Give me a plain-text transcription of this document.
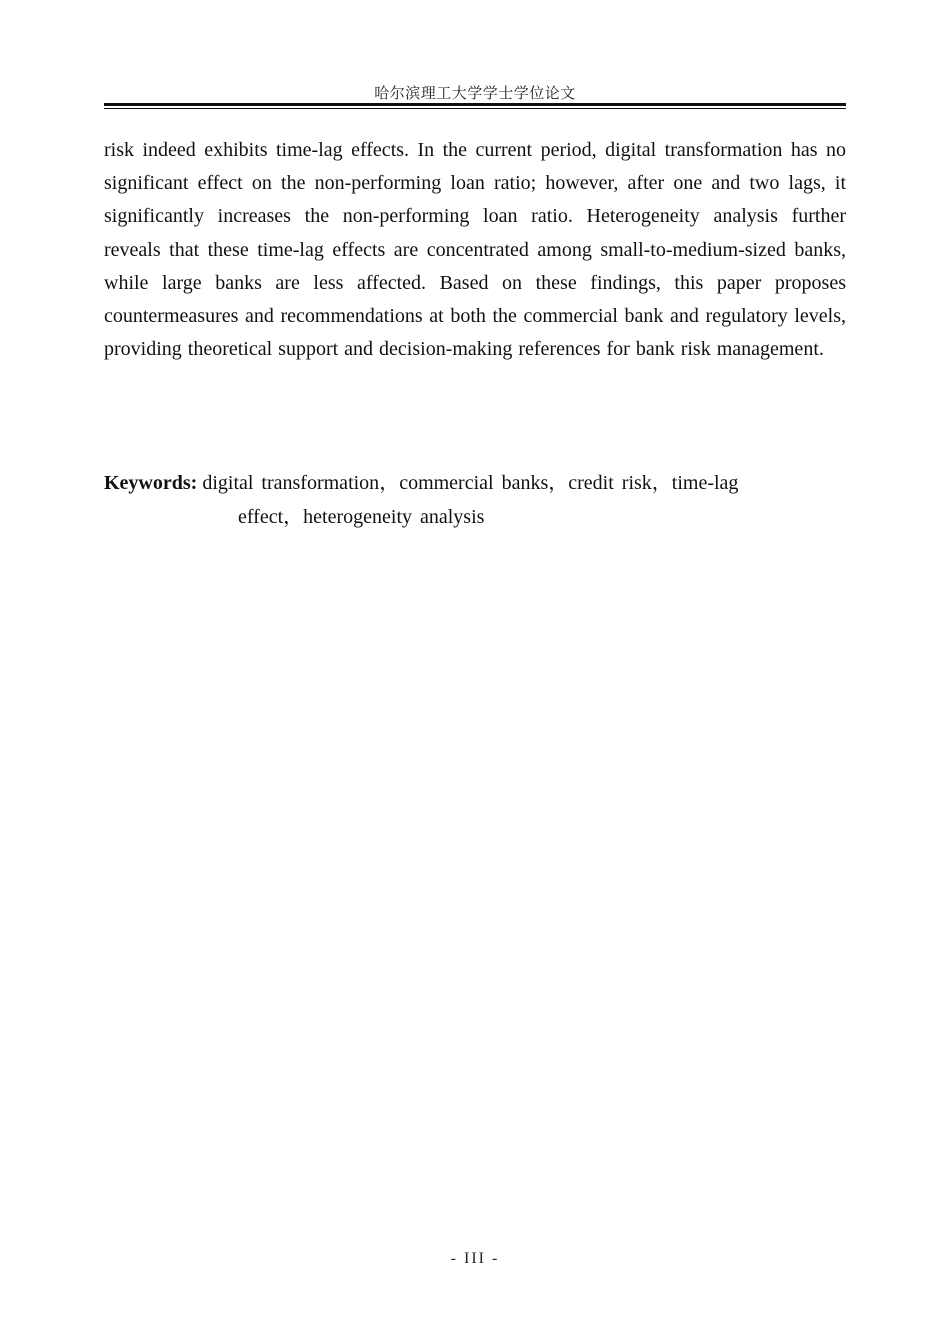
哈尔滨理工大学学士学位论文

risk indeed exhibits time-lag effects. In the current period, digital transformation has no significant effect on the non-performing loan ratio; however, after one and two lags, it significantly increases the non-performing loan ratio. Heterogeneity analysis further reveals that these time-lag effects are concentrated among small-to-medium-sized banks, while large banks are less affected. Based on these findings, this paper proposes countermeasures and recommendations at both the commercial bank and regulatory levels, providing theoretical support and decision-making references for bank risk management.

Keywords: digital transformation，commercial banks，credit risk，time-lag
effect，heterogeneity analysis
- III -
